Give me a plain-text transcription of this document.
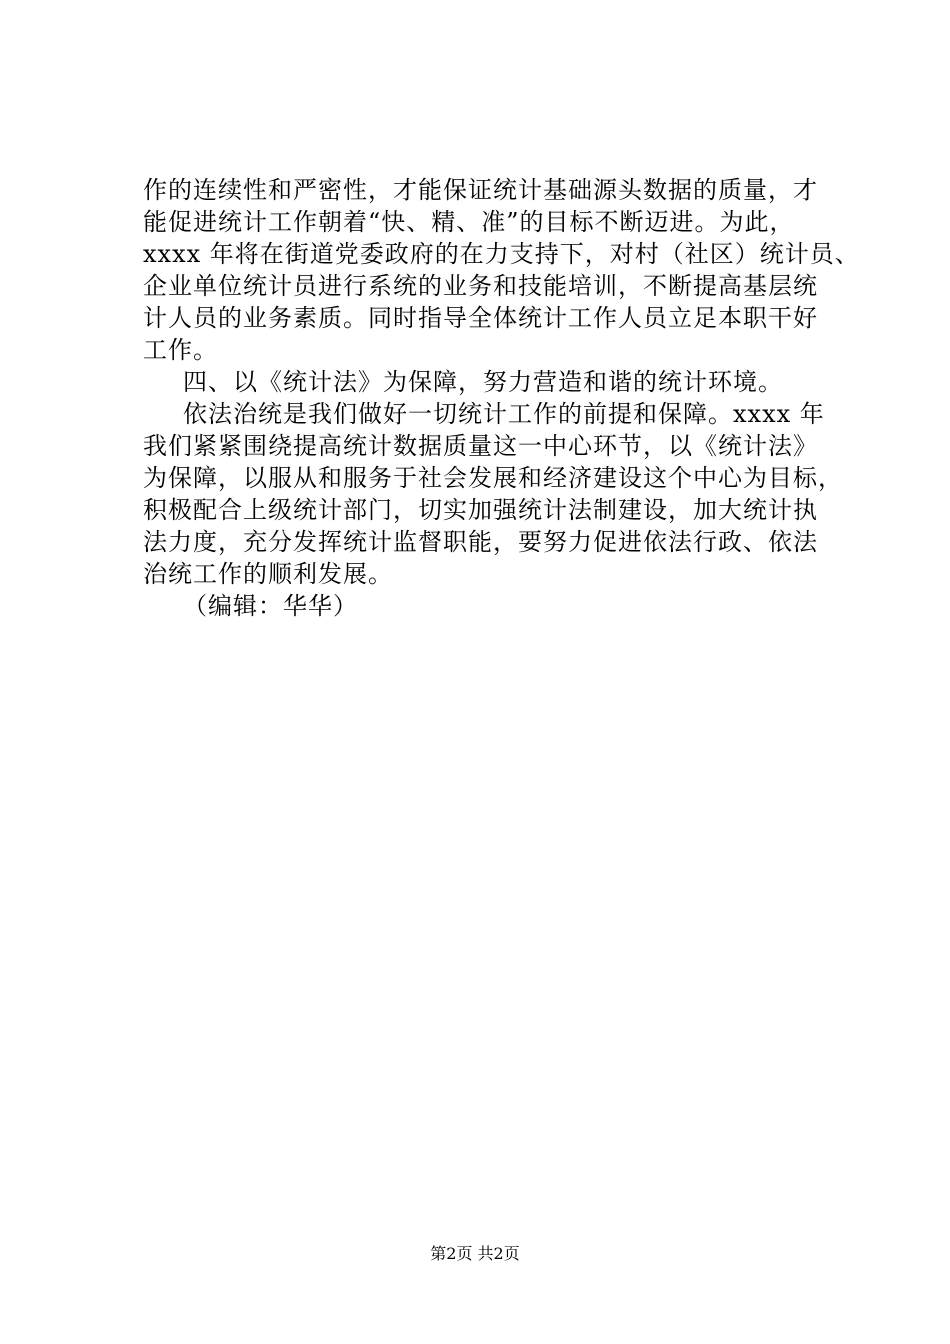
作的连续性和严密性，才能保证统计基础源头数据的质量，才
能促进统计工作朝着“快、精、准”的目标不断迈进。为此，
xxxx 年将在街道党委政府的在力支持下，对村（社区）统计员、
企业单位统计员进行系统的业务和技能培训，不断提高基层统
计人员的业务素质。同时指导全体统计工作人员立足本职干好
工作。
四、以《统计法》为保障，努力营造和谐的统计环境。
依法治统是我们做好一切统计工作的前提和保障。xxxx 年
我们紧紧围绕提高统计数据质量这一中心环节，以《统计法》
为保障，以服从和服务于社会发展和经济建设这个中心为目标，
积极配合上级统计部门，切实加强统计法制建设，加大统计执
法力度，充分发挥统计监督职能，要努力促进依法行政、依法
治统工作的顺利发展。
（编辑：华华）
第2页 共2页
